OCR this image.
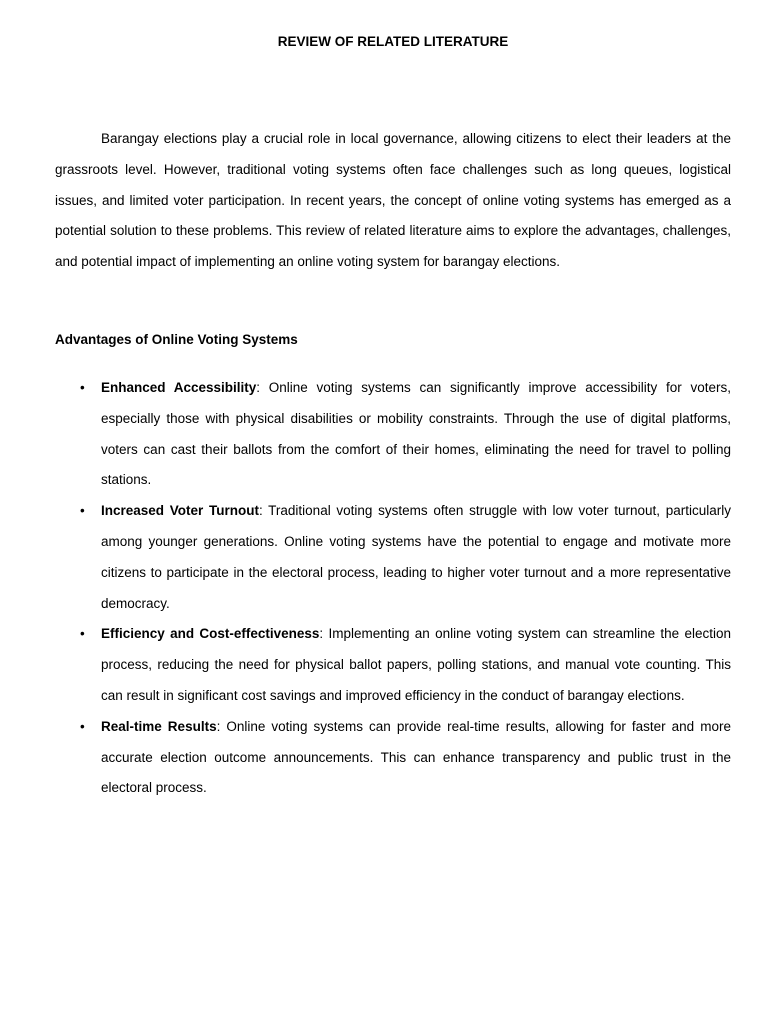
REVIEW OF RELATED LITERATURE

Barangay elections play a crucial role in local governance, allowing citizens to elect their leaders at the grassroots level. However, traditional voting systems often face challenges such as long queues, logistical issues, and limited voter participation. In recent years, the concept of online voting systems has emerged as a potential solution to these problems. This review of related literature aims to explore the advantages, challenges, and potential impact of implementing an online voting system for barangay elections.

Advantages of Online Voting Systems
• Enhanced Accessibility: Online voting systems can significantly improve accessibility for voters, especially those with physical disabilities or mobility constraints. Through the use of digital platforms, voters can cast their ballots from the comfort of their homes, eliminating the need for travel to polling stations.
• Increased Voter Turnout: Traditional voting systems often struggle with low voter turnout, particularly among younger generations. Online voting systems have the potential to engage and motivate more citizens to participate in the electoral process, leading to higher voter turnout and a more representative democracy.
• Efficiency and Cost-effectiveness: Implementing an online voting system can streamline the election process, reducing the need for physical ballot papers, polling stations, and manual vote counting. This can result in significant cost savings and improved efficiency in the conduct of barangay elections.
• Real-time Results: Online voting systems can provide real-time results, allowing for faster and more accurate election outcome announcements. This can enhance transparency and public trust in the electoral process.
